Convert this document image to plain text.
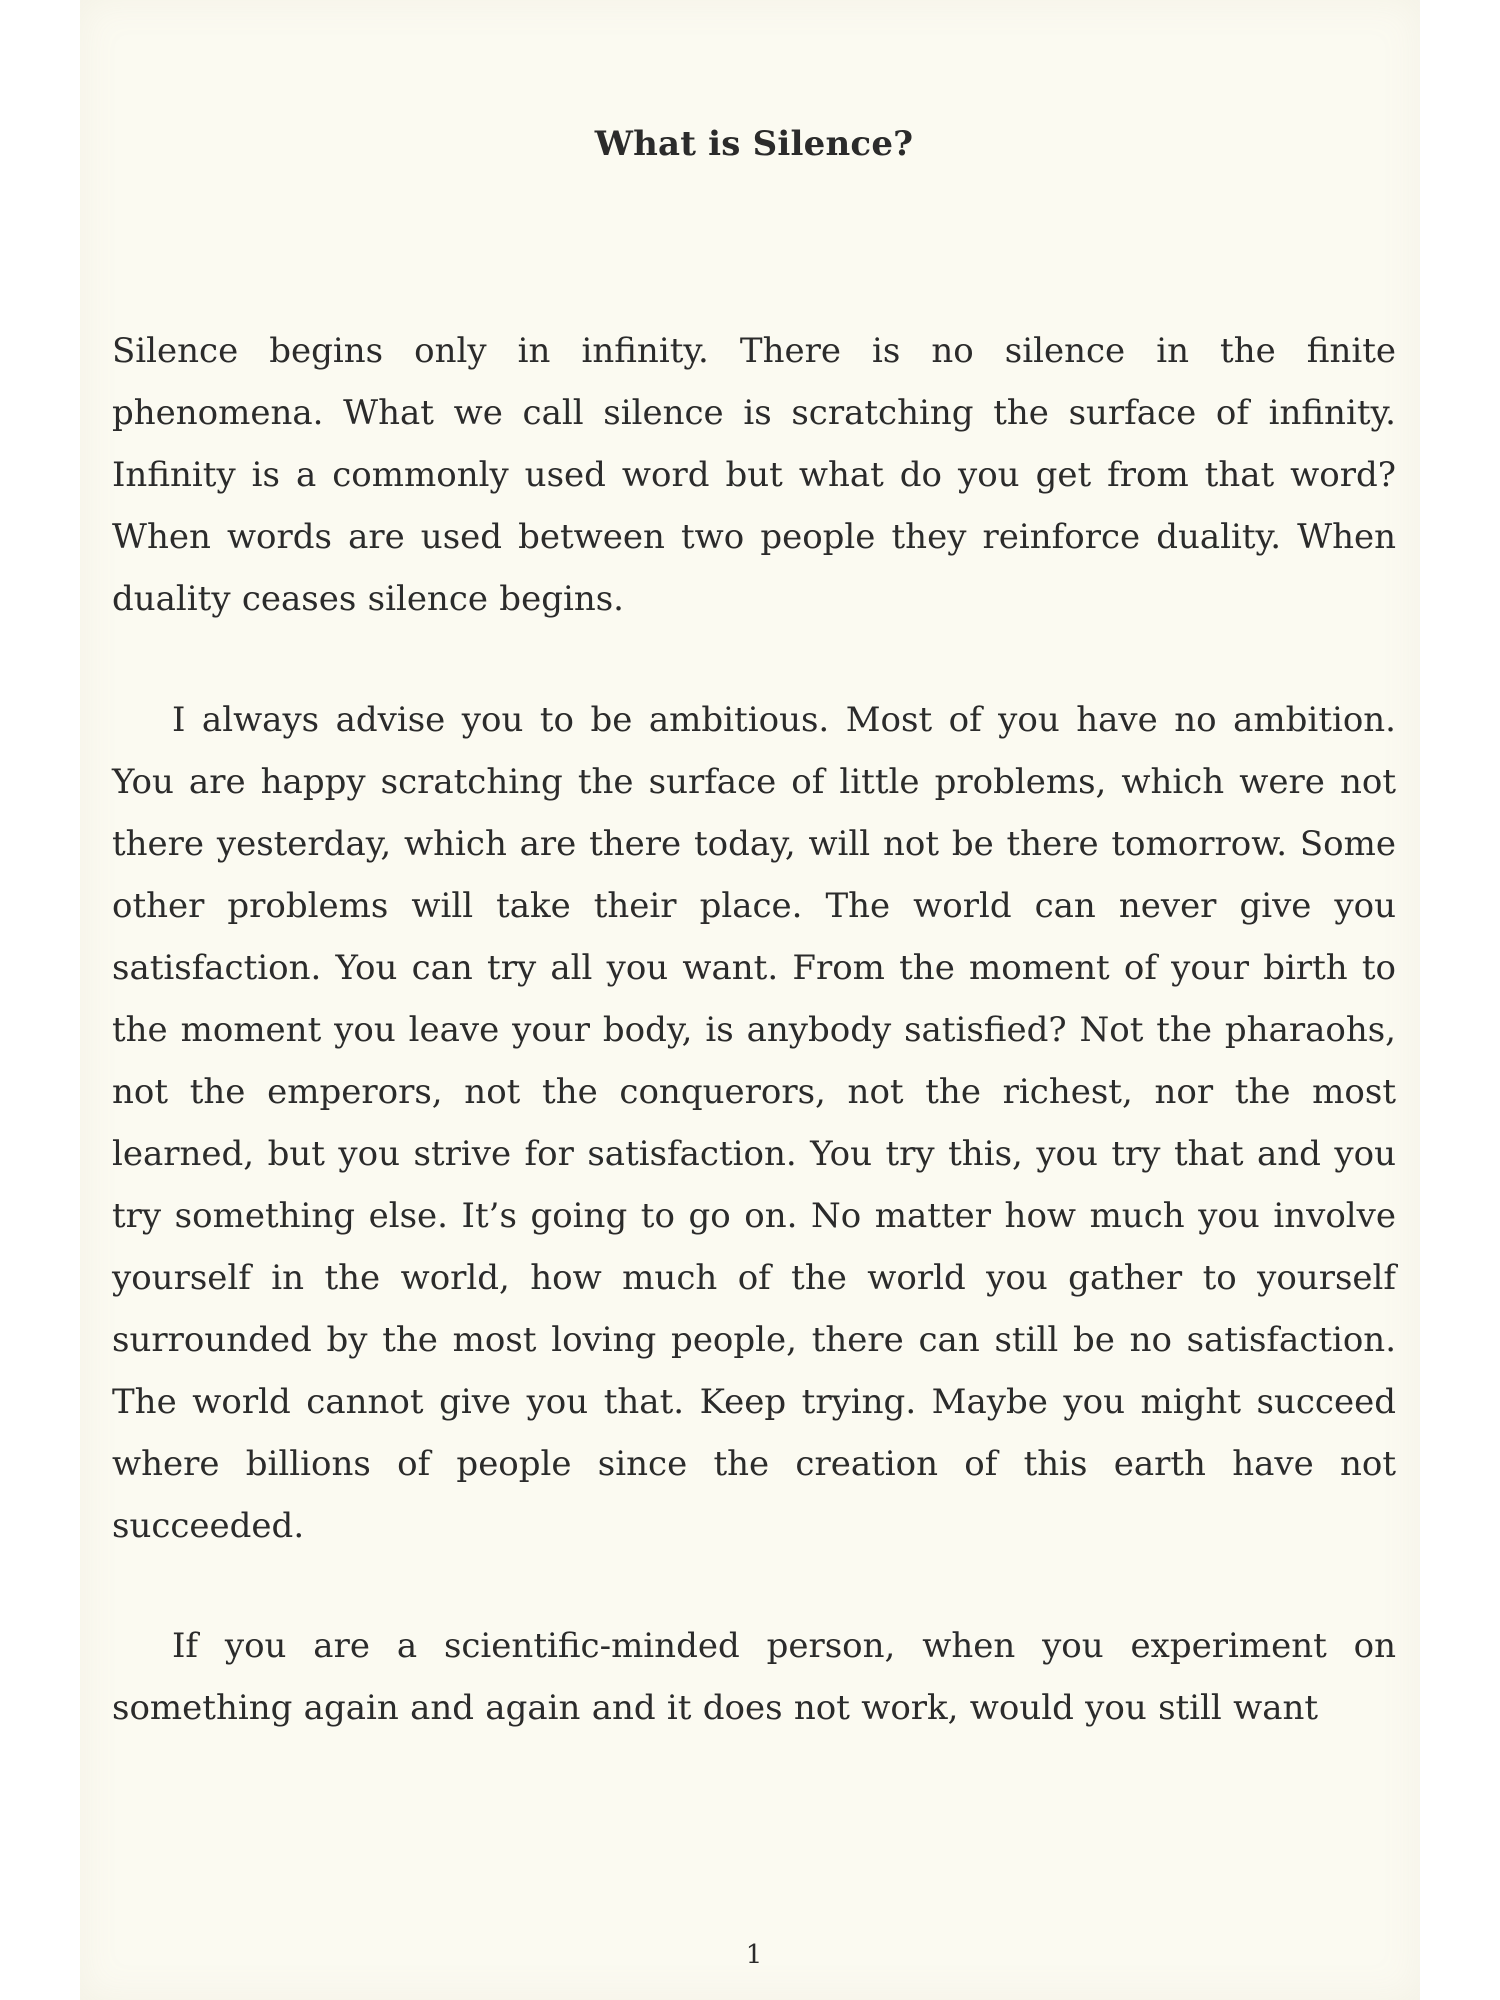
What is Silence?

Silence begins only in infinity. There is no silence in the finite phenomena. What we call silence is scratching the surface of infinity. Infinity is a commonly used word but what do you get from that word? When words are used between two people they reinforce duality. When duality ceases silence begins.

I always advise you to be ambitious. Most of you have no ambition. You are happy scratching the surface of little problems, which were not there yesterday, which are there today, will not be there tomorrow. Some other problems will take their place. The world can never give you satisfaction. You can try all you want. From the moment of your birth to the moment you leave your body, is anybody satisfied? Not the pharaohs, not the emperors, not the conquerors, not the richest, nor the most learned, but you strive for satisfaction. You try this, you try that and you try something else. It’s going to go on. No matter how much you involve yourself in the world, how much of the world you gather to yourself surrounded by the most loving people, there can still be no satisfaction. The world cannot give you that. Keep trying. Maybe you might succeed where billions of people since the creation of this earth have not succeeded.

If you are a scientific-minded person, when you experiment on something again and again and it does not work, would you still want

1
